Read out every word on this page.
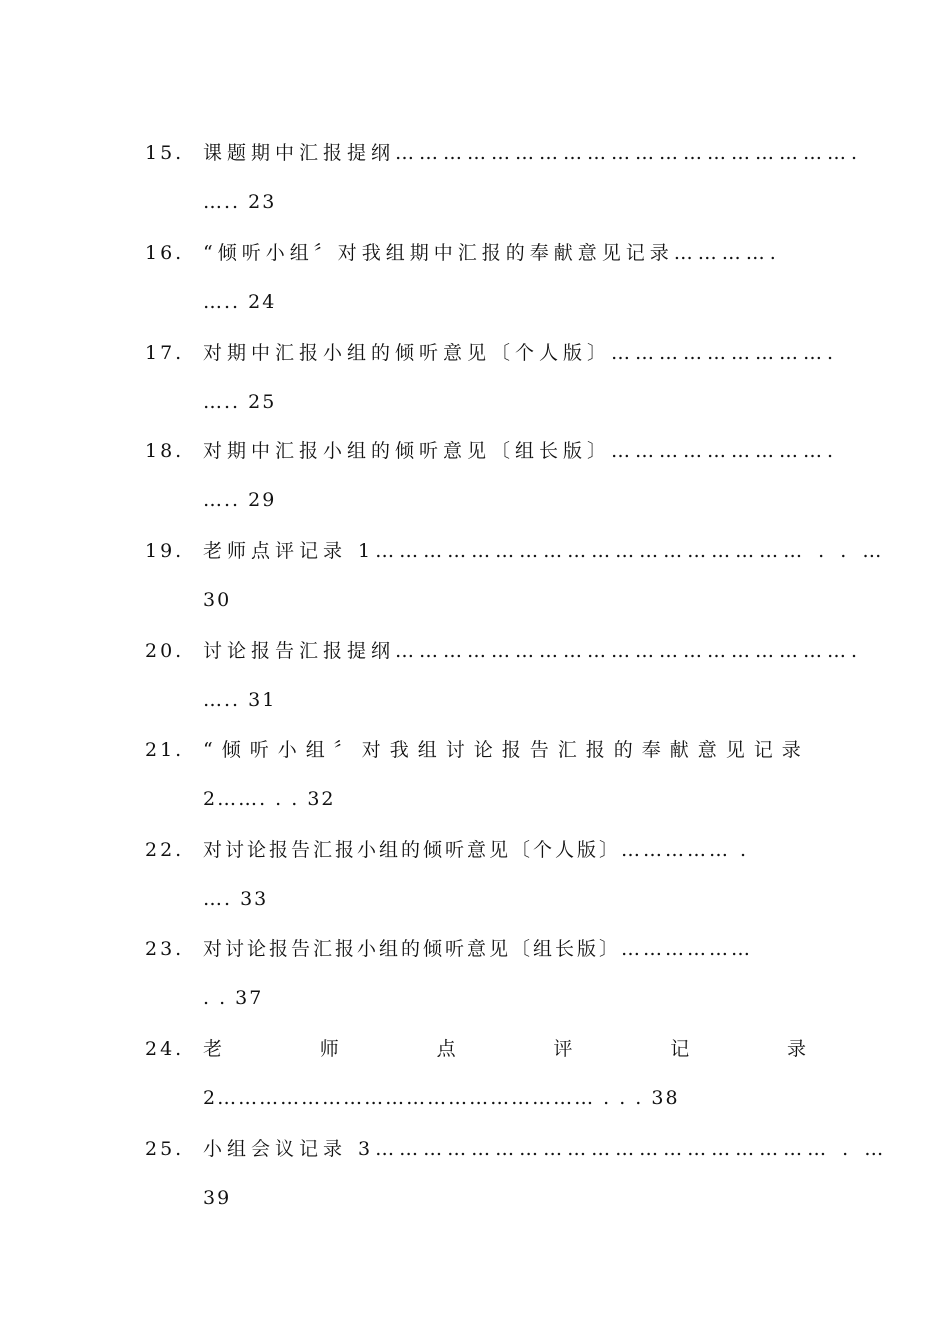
15. 课题期中汇报提纲………………………………………………….
….. 23
16. “倾听小组〞对我组期中汇报的奉献意见记录………….
….. 24
17. 对期中汇报小组的倾听意见〔个人版〕……………………….
….. 25
18. 对期中汇报小组的倾听意见〔组长版〕……………………….
….. 29
19. 老师点评记录 1……………………………………………… . . …
30
20. 讨论报告汇报提纲………………………………………………….
….. 31
21. “倾听小组〞对我组讨论报告汇报的奉献意见记录
2……. . . 32
22. 对讨论报告汇报小组的倾听意见〔个人版〕…………… .
…. 33
23. 对讨论报告汇报小组的倾听意见〔组长版〕………………
. . 37
24. 老	师	点	评	记	录
2……………………………………………… . . . 38
25. 小组会议记录 3………………………………………………… . …
39
